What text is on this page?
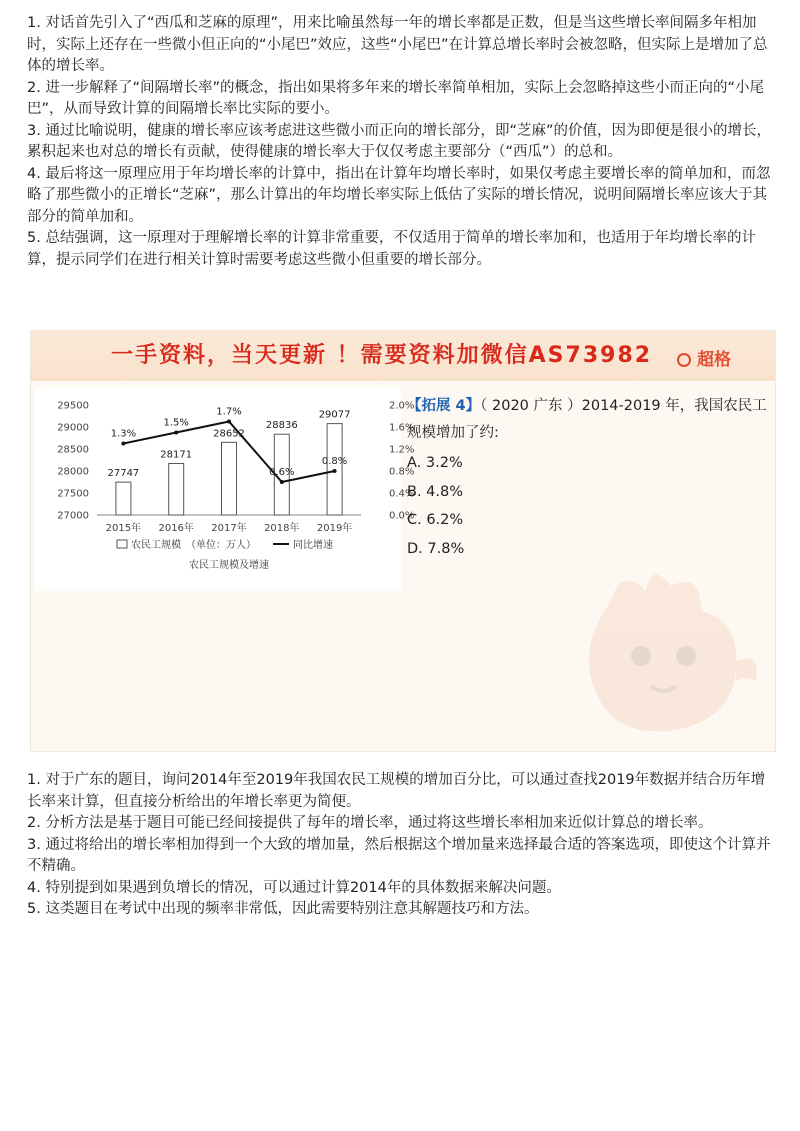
1. 对话首先引入了“西瓜和芝麻的原理”，用来比喻虽然每一年的增长率都是正数，但是当这些增长率间隔多年相加时，实际上还存在一些微小但正向的“小尾巴”效应，这些“小尾巴”在计算总增长率时会被忽略，但实际上是增加了总体的增长率。
2. 进一步解释了“间隔增长率”的概念，指出如果将多年来的增长率简单相加，实际上会忽略掉这些小而正向的“小尾巴”，从而导致计算的间隔增长率比实际的要小。
3. 通过比喻说明，健康的增长率应该考虑进这些微小而正向的增长部分，即“芝麻”的价值，因为即便是很小的增长，累积起来也对总的增长有贡献，使得健康的增长率大于仅仅考虑主要部分（“西瓜”）的总和。
4. 最后将这一原理应用于年均增长率的计算中，指出在计算年均增长率时，如果仅考虑主要增长率的简单加和，而忽略了那些微小的正增长“芝麻”，那么计算出的年均增长率实际上低估了实际的增长情况，说明间隔增长率应该大于其部分的简单加和。
5. 总结强调，这一原理对于理解增长率的计算非常重要，不仅适用于简单的增长率加和，也适用于年均增长率的计算，提示同学们在进行相关计算时需要考虑这些微小但重要的增长部分。
一手资料，当天更新 ！需要资料加微信AS73982	超格
27000
27500
28000
28500
29000
29500
0.0%
0.4%
0.8%
1.2%
1.6%
2.0%
27747
28171
28652
28836
29077
2015年 2016年 2017年 2018年 2019年
1.3%
1.5%
1.7%
0.6%
0.8%
农民工规模　（单位：万人）	同比增速
农民工规模及增速
【拓展 4】（ 2020 广东 ）2014-2019 年，我国农民工规模增加了约:
A. 3.2%
B. 4.8%
C. 6.2%
D. 7.8%
1. 对于广东的题目，询问2014年至2019年我国农民工规模的增加百分比，可以通过查找2019年数据并结合历年增长率来计算，但直接分析给出的年增长率更为简便。
2. 分析方法是基于题目可能已经间接提供了每年的增长率，通过将这些增长率相加来近似计算总的增长率。
3. 通过将给出的增长率相加得到一个大致的增加量，然后根据这个增加量来选择最合适的答案选项，即使这个计算并不精确。
4. 特别提到如果遇到负增长的情况，可以通过计算2014年的具体数据来解决问题。
5. 这类题目在考试中出现的频率非常低，因此需要特别注意其解题技巧和方法。
